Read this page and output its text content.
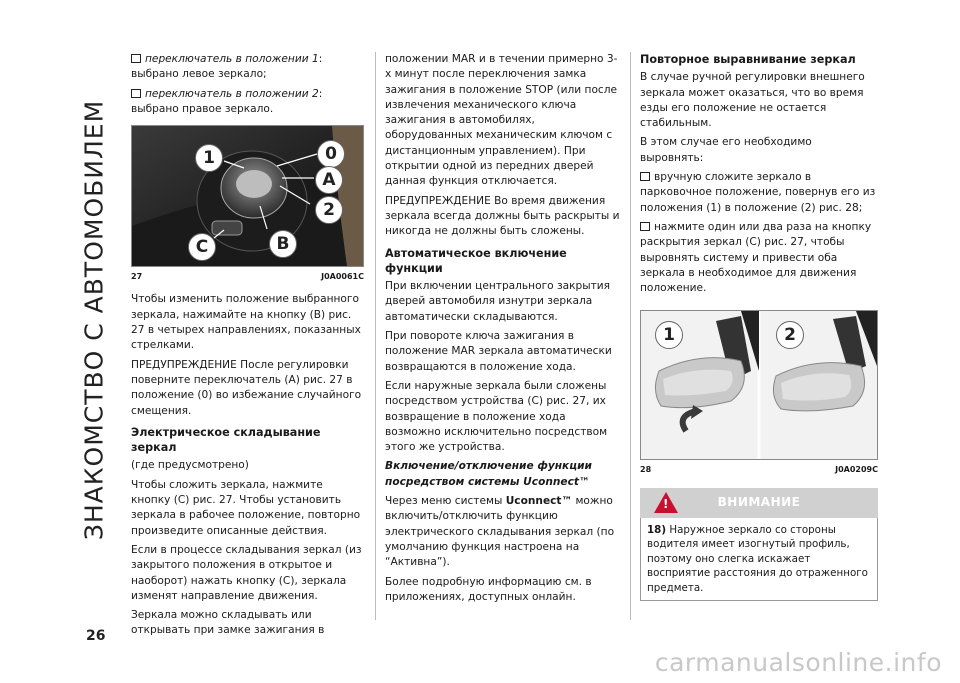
ЗНАКОМСТВО С АВТОМОБИЛЕМ
26

переключатель в положении 1: выбрано левое зеркало;

переключатель в положении 2: выбрано правое зеркало.

1	0
A
2
C	B
27	J0A0061C

Чтобы изменить положение выбранного зеркала, нажимайте на кнопку (В) рис. 27 в четырех направлениях, показанных стрелками.

ПРЕДУПРЕЖДЕНИЕ После регулировки поверните переключатель (A) рис. 27 в положение (0) во избежание случайного смещения.

Электрическое складывание зеркал

(где предусмотрено)

Чтобы сложить зеркала, нажмите кнопку (C) рис. 27. Чтобы установить зеркала в рабочее положение, повторно произведите описанные действия.

Если в процессе складывания зеркал (из закрытого положения в открытое и наоборот) нажать кнопку (C), зеркала изменят направление движения.

Зеркала можно складывать или открывать при замке зажигания в

положении MAR и в течении примерно 3-х минут после переключения замка зажигания в положение STOP (или после извлечения механического ключа зажигания в автомобилях, оборудованных механическим ключом с дистанционным управлением). При открытии одной из передних дверей данная функция отключается.

ПРЕДУПРЕЖДЕНИЕ Во время движения зеркала всегда должны быть раскрыты и никогда не должны быть сложены.

Автоматическое включение функции

При включении центрального закрытия дверей автомобиля изнутри зеркала автоматически складываются.

При повороте ключа зажигания в положение MAR зеркала автоматически возвращаются в положение хода.

Если наружные зеркала были сложены посредством устройства (C) рис. 27, их возвращение в положение хода возможно исключительно посредством этого же устройства.

Включение/отключение функции посредством системы Uconnect™

Через меню системы Uconnect™ можно включить/отключить функцию электрического складывания зеркал (по умолчанию функция настроена на “Активна”).

Более подробную информацию см. в приложениях, доступных онлайн.

Повторное выравнивание зеркал

В случае ручной регулировки внешнего зеркала может оказаться, что во время езды его положение не остается стабильным.

В этом случае его необходимо выровнять:

вручную сложите зеркало в парковочное положение, повернув его из положения (1) в положение (2) рис. 28;

нажмите один или два раза на кнопку раскрытия зеркал (C) рис. 27, чтобы выровнять систему и привести оба зеркала в необходимое для движения положение.

1	2
28	J0A0209C
!	ВНИМАНИЕ
18) Наружное зеркало со стороны водителя имеет изогнутый профиль, поэтому оно слегка искажает восприятие расстояния до отраженного предмета.
carmanualsonline.info
